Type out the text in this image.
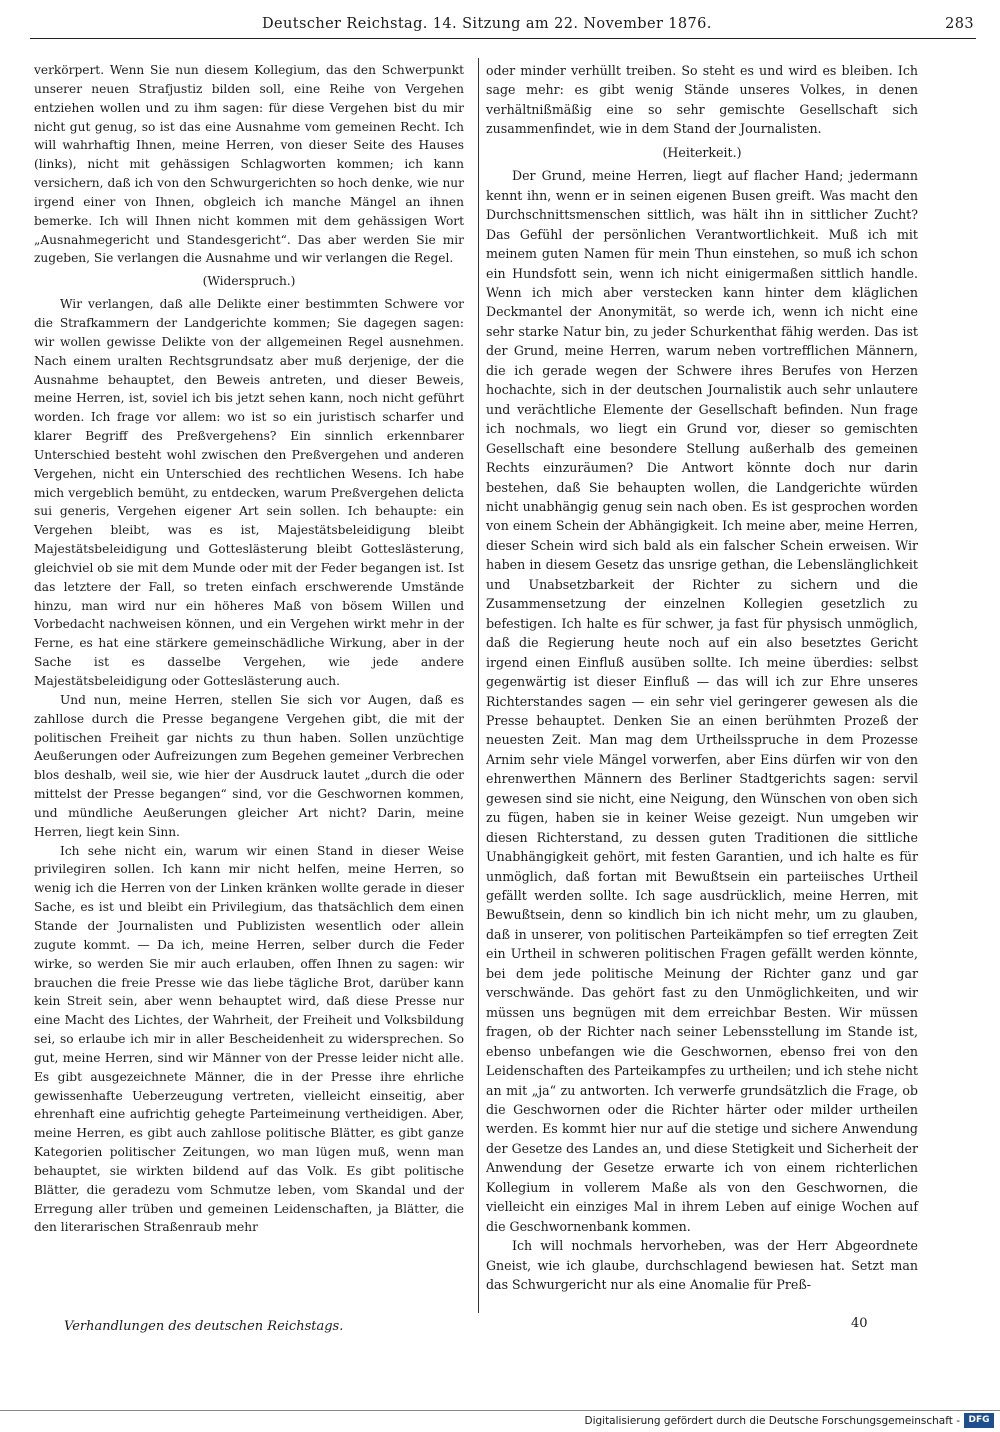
Deutscher Reichstag. 14. Sitzung am 22. November 1876.	283

verkörpert. Wenn Sie nun diesem Kollegium, das den Schwerpunkt unserer neuen Strafjustiz bilden soll, eine Reihe von Vergehen entziehen wollen und zu ihm sagen: für diese Vergehen bist du mir nicht gut genug, so ist das eine Ausnahme vom gemeinen Recht. Ich will wahrhaftig Ihnen, meine Herren, von dieser Seite des Hauses (links), nicht mit gehässigen Schlagworten kommen; ich kann versichern, daß ich von den Schwurgerichten so hoch denke, wie nur irgend einer von Ihnen, obgleich ich manche Mängel an ihnen bemerke. Ich will Ihnen nicht kommen mit dem gehässigen Wort „Ausnahmegericht und Standesgericht“. Das aber werden Sie mir zugeben, Sie verlangen die Ausnahme und wir verlangen die Regel.

(Widerspruch.)

Wir verlangen, daß alle Delikte einer bestimmten Schwere vor die Strafkammern der Landgerichte kommen; Sie dagegen sagen: wir wollen gewisse Delikte von der allgemeinen Regel ausnehmen. Nach einem uralten Rechtsgrundsatz aber muß derjenige, der die Ausnahme behauptet, den Beweis antreten, und dieser Beweis, meine Herren, ist, soviel ich bis jetzt sehen kann, noch nicht geführt worden. Ich frage vor allem: wo ist so ein juristisch scharfer und klarer Begriff des Preßvergehens? Ein sinnlich erkennbarer Unterschied besteht wohl zwischen den Preßvergehen und anderen Vergehen, nicht ein Unterschied des rechtlichen Wesens. Ich habe mich vergeblich bemüht, zu entdecken, warum Preßvergehen delicta sui generis, Vergehen eigener Art sein sollen. Ich behaupte: ein Vergehen bleibt, was es ist, Majestätsbeleidigung bleibt Majestätsbeleidigung und Gotteslästerung bleibt Gotteslästerung, gleichviel ob sie mit dem Munde oder mit der Feder begangen ist. Ist das letztere der Fall, so treten einfach erschwerende Umstände hinzu, man wird nur ein höheres Maß von bösem Willen und Vorbedacht nachweisen können, und ein Vergehen wirkt mehr in der Ferne, es hat eine stärkere gemeinschädliche Wirkung, aber in der Sache ist es dasselbe Vergehen, wie jede andere Majestätsbeleidigung oder Gotteslästerung auch.

Und nun, meine Herren, stellen Sie sich vor Augen, daß es zahllose durch die Presse begangene Vergehen gibt, die mit der politischen Freiheit gar nichts zu thun haben. Sollen unzüchtige Aeußerungen oder Aufreizungen zum Begehen gemeiner Verbrechen blos deshalb, weil sie, wie hier der Ausdruck lautet „durch die oder mittelst der Presse begangen“ sind, vor die Geschwornen kommen, und mündliche Aeußerungen gleicher Art nicht? Darin, meine Herren, liegt kein Sinn.

Ich sehe nicht ein, warum wir einen Stand in dieser Weise privilegiren sollen. Ich kann mir nicht helfen, meine Herren, so wenig ich die Herren von der Linken kränken wollte gerade in dieser Sache, es ist und bleibt ein Privilegium, das thatsächlich dem einen Stande der Journalisten und Publizisten wesentlich oder allein zugute kommt. — Da ich, meine Herren, selber durch die Feder wirke, so werden Sie mir auch erlauben, offen Ihnen zu sagen: wir brauchen die freie Presse wie das liebe tägliche Brot, darüber kann kein Streit sein, aber wenn behauptet wird, daß diese Presse nur eine Macht des Lichtes, der Wahrheit, der Freiheit und Volksbildung sei, so erlaube ich mir in aller Bescheidenheit zu widersprechen. So gut, meine Herren, sind wir Männer von der Presse leider nicht alle. Es gibt ausgezeichnete Männer, die in der Presse ihre ehrliche gewissenhafte Ueberzeugung vertreten, vielleicht einseitig, aber ehrenhaft eine aufrichtig gehegte Parteimeinung vertheidigen. Aber, meine Herren, es gibt auch zahllose politische Blätter, es gibt ganze Kategorien politischer Zeitungen, wo man lügen muß, wenn man behauptet, sie wirkten bildend auf das Volk. Es gibt politische Blätter, die geradezu vom Schmutze leben, vom Skandal und der Erregung aller trüben und gemeinen Leidenschaften, ja Blätter, die den literarischen Straßenraub mehr

Verhandlungen des deutschen Reichstags.

oder minder verhüllt treiben. So steht es und wird es bleiben. Ich sage mehr: es gibt wenig Stände unseres Volkes, in denen verhältnißmäßig eine so sehr gemischte Gesellschaft sich zusammenfindet, wie in dem Stand der Journalisten.

(Heiterkeit.)

Der Grund, meine Herren, liegt auf flacher Hand; jedermann kennt ihn, wenn er in seinen eigenen Busen greift. Was macht den Durchschnittsmenschen sittlich, was hält ihn in sittlicher Zucht? Das Gefühl der persönlichen Verantwortlichkeit. Muß ich mit meinem guten Namen für mein Thun einstehen, so muß ich schon ein Hundsfott sein, wenn ich nicht einigermaßen sittlich handle. Wenn ich mich aber verstecken kann hinter dem kläglichen Deckmantel der Anonymität, so werde ich, wenn ich nicht eine sehr starke Natur bin, zu jeder Schurkenthat fähig werden. Das ist der Grund, meine Herren, warum neben vortrefflichen Männern, die ich gerade wegen der Schwere ihres Berufes von Herzen hochachte, sich in der deutschen Journalistik auch sehr unlautere und verächtliche Elemente der Gesellschaft befinden. Nun frage ich nochmals, wo liegt ein Grund vor, dieser so gemischten Gesellschaft eine besondere Stellung außerhalb des gemeinen Rechts einzuräumen? Die Antwort könnte doch nur darin bestehen, daß Sie behaupten wollen, die Landgerichte würden nicht unabhängig genug sein nach oben. Es ist gesprochen worden von einem Schein der Abhängigkeit. Ich meine aber, meine Herren, dieser Schein wird sich bald als ein falscher Schein erweisen. Wir haben in diesem Gesetz das unsrige gethan, die Lebenslänglichkeit und Unabsetzbarkeit der Richter zu sichern und die Zusammensetzung der einzelnen Kollegien gesetzlich zu befestigen. Ich halte es für schwer, ja fast für physisch unmöglich, daß die Regierung heute noch auf ein also besetztes Gericht irgend einen Einfluß ausüben sollte. Ich meine überdies: selbst gegenwärtig ist dieser Einfluß — das will ich zur Ehre unseres Richterstandes sagen — ein sehr viel geringerer gewesen als die Presse behauptet. Denken Sie an einen berühmten Prozeß der neuesten Zeit. Man mag dem Urtheilsspruche in dem Prozesse Arnim sehr viele Mängel vorwerfen, aber Eins dürfen wir von den ehrenwerthen Männern des Berliner Stadtgerichts sagen: servil gewesen sind sie nicht, eine Neigung, den Wünschen von oben sich zu fügen, haben sie in keiner Weise gezeigt. Nun umgeben wir diesen Richterstand, zu dessen guten Traditionen die sittliche Unabhängigkeit gehört, mit festen Garantien, und ich halte es für unmöglich, daß fortan mit Bewußtsein ein parteiisches Urtheil gefällt werden sollte. Ich sage ausdrücklich, meine Herren, mit Bewußtsein, denn so kindlich bin ich nicht mehr, um zu glauben, daß in unserer, von politischen Parteikämpfen so tief erregten Zeit ein Urtheil in schweren politischen Fragen gefällt werden könnte, bei dem jede politische Meinung der Richter ganz und gar verschwände. Das gehört fast zu den Unmöglichkeiten, und wir müssen uns begnügen mit dem erreichbar Besten. Wir müssen fragen, ob der Richter nach seiner Lebensstellung im Stande ist, ebenso unbefangen wie die Geschwornen, ebenso frei von den Leidenschaften des Parteikampfes zu urtheilen; und ich stehe nicht an mit „ja“ zu antworten. Ich verwerfe grundsätzlich die Frage, ob die Geschwornen oder die Richter härter oder milder urtheilen werden. Es kommt hier nur auf die stetige und sichere Anwendung der Gesetze des Landes an, und diese Stetigkeit und Sicherheit der Anwendung der Gesetze erwarte ich von einem richterlichen Kollegium in vollerem Maße als von den Geschwornen, die vielleicht ein einziges Mal in ihrem Leben auf einige Wochen auf die Geschwornenbank kommen.

Ich will nochmals hervorheben, was der Herr Abgeordnete Gneist, wie ich glaube, durchschlagend bewiesen hat. Setzt man das Schwurgericht nur als eine Anomalie für Preß-

40
Digitalisierung gefördert durch die Deutsche Forschungsgemeinschaft - DFG
